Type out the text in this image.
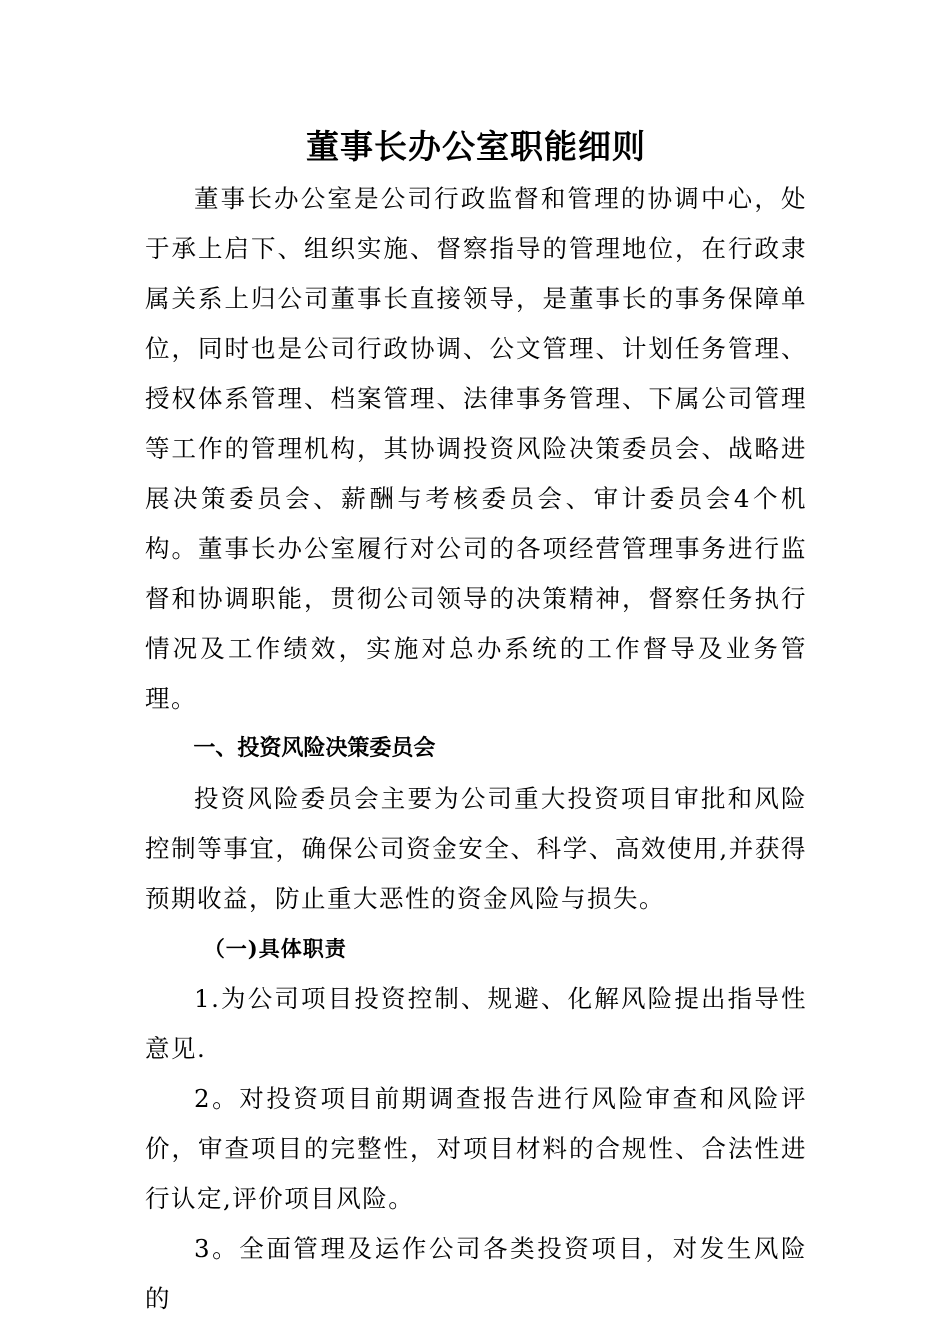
董事长办公室职能细则

董事长办公室是公司行政监督和管理的协调中心，处于承上启下、组织实施、督察指导的管理地位，在行政隶属关系上归公司董事长直接领导，是董事长的事务保障单位，同时也是公司行政协调、公文管理、计划任务管理、授权体系管理、档案管理、法律事务管理、下属公司管理等工作的管理机构，其协调投资风险决策委员会、战略进展决策委员会、薪酬与考核委员会、审计委员会4个机构。董事长办公室履行对公司的各项经营管理事务进行监督和协调职能，贯彻公司领导的决策精神，督察任务执行情况及工作绩效，实施对总办系统的工作督导及业务管理。

一、投资风险决策委员会

投资风险委员会主要为公司重大投资项目审批和风险控制等事宜，确保公司资金安全、科学、高效使用,并获得预期收益，防止重大恶性的资金风险与损失。

（一)具体职责

1.为公司项目投资控制、规避、化解风险提出指导性意见.

2。对投资项目前期调查报告进行风险审查和风险评价，审查项目的完整性，对项目材料的合规性、合法性进行认定,评价项目风险。

3。全面管理及运作公司各类投资项目，对发生风险的
